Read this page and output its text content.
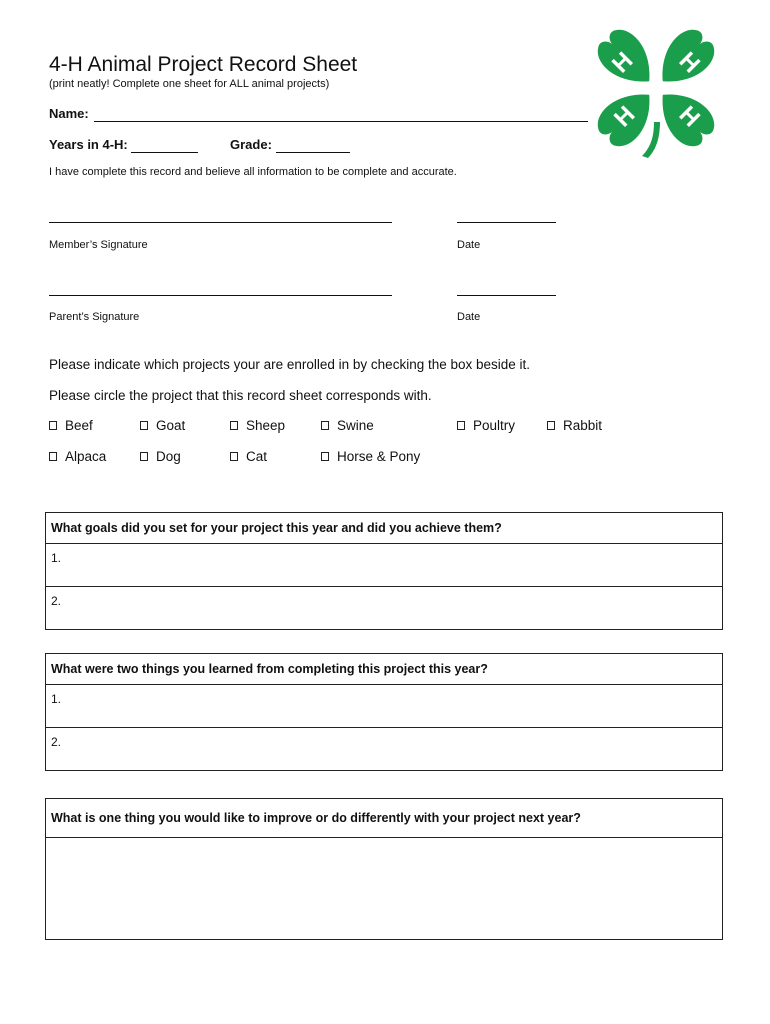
4-H Animal Project Record Sheet
(print neatly! Complete one sheet for ALL animal projects)
Name:
Years in 4-H:	Grade:
I have complete this record and believe all information to be complete and accurate.
Member’s Signature	Date
Parent’s Signature	Date
Please indicate which projects your are enrolled in by checking the box beside it.
Please circle the project that this record sheet corresponds with.
Beef	Goat	Sheep	Swine	Poultry	Rabbit
Alpaca	Dog	Cat	Horse & Pony
What goals did you set for your project this year and did you achieve them?
1.
2.
What were two things you learned from completing this project this year?
1.
2.
What is one thing you would like to improve or do differently with your project next year?
H H
H H
